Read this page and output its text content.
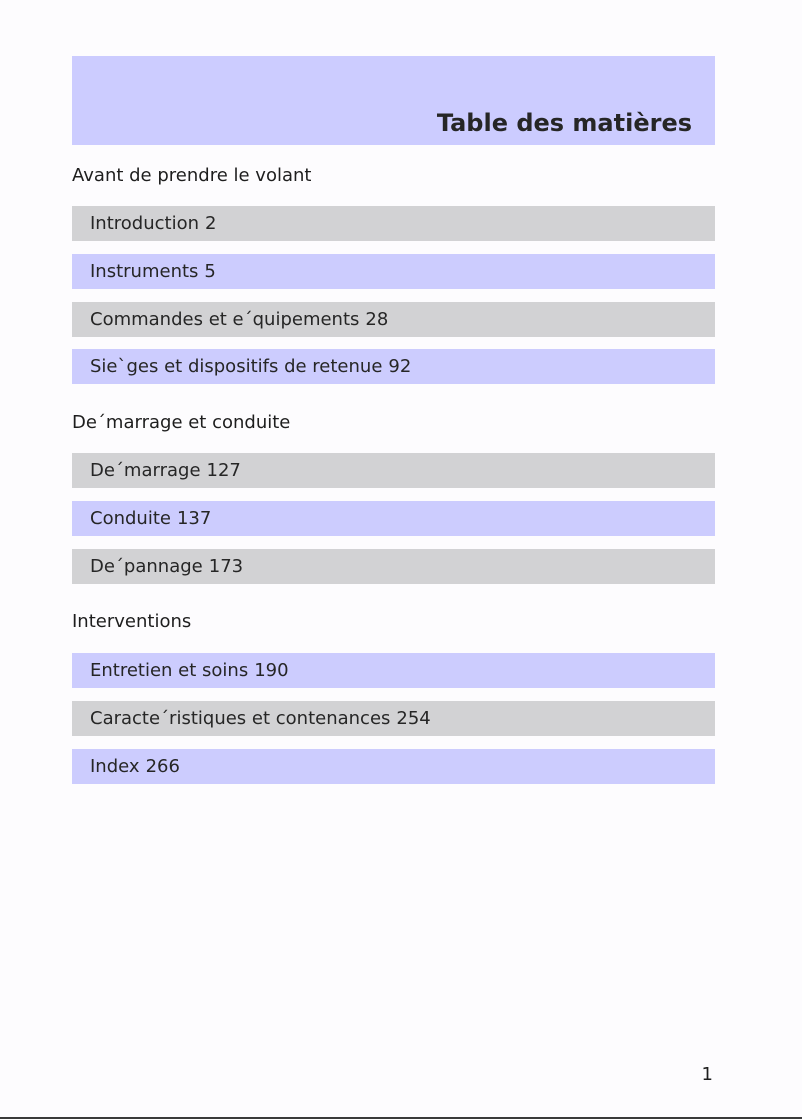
Table des matières
Avant de prendre le volant
Introduction 2
Instruments 5
Commandes et e´quipements 28
Sie`ges et dispositifs de retenue 92
De´marrage et conduite
De´marrage 127
Conduite 137
De´pannage 173
Interventions
Entretien et soins 190
Caracte´ristiques et contenances 254
Index 266
1
